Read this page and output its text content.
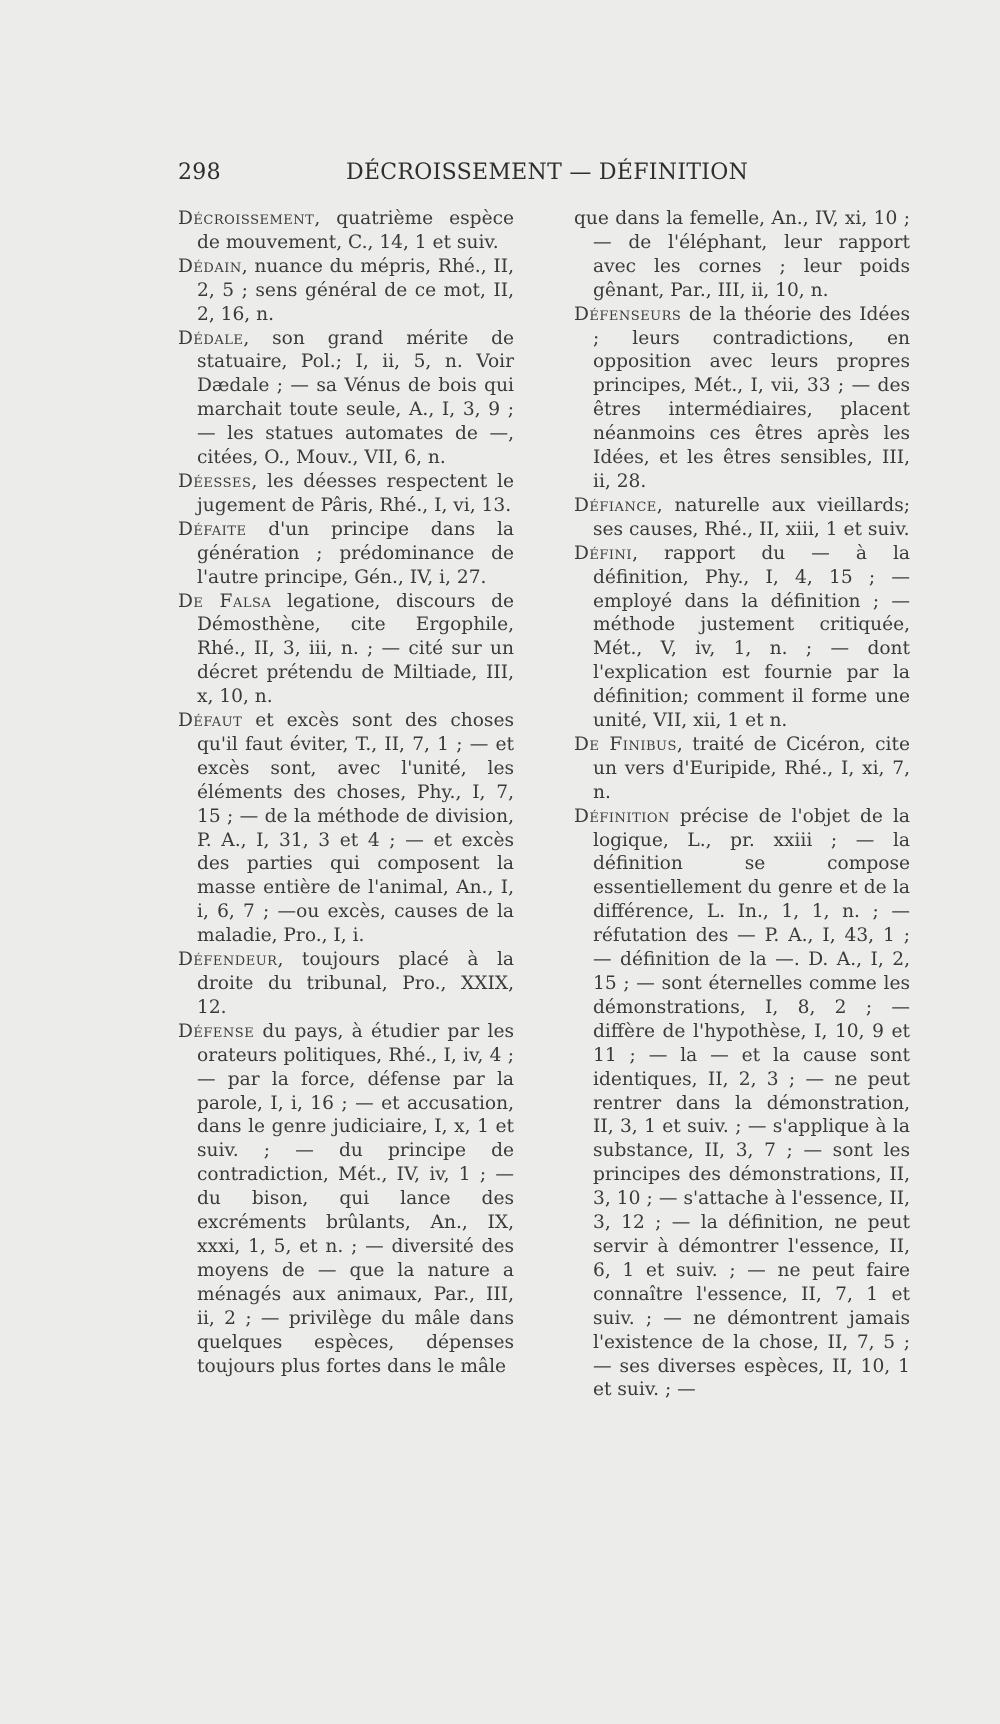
298	DÉCROISSEMENT — DÉFINITION

Décroissement, quatrième espèce de mouvement, C., 14, 1 et suiv.

Dédain, nuance du mépris, Rhé., II, 2, 5 ; sens général de ce mot, II, 2, 16, n.

Dédale, son grand mérite de statuaire, Pol.; I, ii, 5, n. Voir Dædale ; — sa Vénus de bois qui marchait toute seule, A., I, 3, 9 ; — les statues automates de —, citées, O., Mouv., VII, 6, n.

Déesses, les déesses respectent le jugement de Pâris, Rhé., I, vi, 13.

Défaite d'un principe dans la génération ; prédominance de l'autre principe, Gén., IV, i, 27.

De Falsa legatione, discours de Démosthène, cite Ergophile, Rhé., II, 3, iii, n. ; — cité sur un décret prétendu de Miltiade, III, x, 10, n.

Défaut et excès sont des choses qu'il faut éviter, T., II, 7, 1 ; — et excès sont, avec l'unité, les éléments des choses, Phy., I, 7, 15 ; — de la méthode de division, P. A., I, 31, 3 et 4 ; — et excès des parties qui composent la masse entière de l'animal, An., I, i, 6, 7 ; —ou excès, causes de la maladie, Pro., I, i.

Défendeur, toujours placé à la droite du tribunal, Pro., XXIX, 12.

Défense du pays, à étudier par les orateurs politiques, Rhé., I, iv, 4 ; — par la force, défense par la parole, I, i, 16 ; — et accusation, dans le genre judiciaire, I, x, 1 et suiv. ; — du principe de contradiction, Mét., IV, iv, 1 ; — du bison, qui lance des excréments brûlants, An., IX, xxxi, 1, 5, et n. ; — diversité des moyens de — que la nature a ménagés aux animaux, Par., III, ii, 2 ; — privilège du mâle dans quelques espèces, dépenses toujours plus fortes dans le mâle

que dans la femelle, An., IV, xi, 10 ; — de l'éléphant, leur rapport avec les cornes ; leur poids gênant, Par., III, ii, 10, n.

Défenseurs de la théorie des Idées ; leurs contradictions, en opposition avec leurs propres principes, Mét., I, vii, 33 ; — des êtres intermédiaires, placent néanmoins ces êtres après les Idées, et les êtres sensibles, III, ii, 28.

Défiance, naturelle aux vieillards; ses causes, Rhé., II, xiii, 1 et suiv.

Défini, rapport du — à la définition, Phy., I, 4, 15 ; — employé dans la définition ; — méthode justement critiquée, Mét., V, iv, 1, n. ; — dont l'explication est fournie par la définition; comment il forme une unité, VII, xii, 1 et n.

De Finibus, traité de Cicéron, cite un vers d'Euripide, Rhé., I, xi, 7, n.

Définition précise de l'objet de la logique, L., pr. xxiii ; — la définition se compose essentiellement du genre et de la différence, L. In., 1, 1, n. ; — réfutation des — P. A., I, 43, 1 ; — définition de la —. D. A., I, 2, 15 ; — sont éternelles comme les démonstrations, I, 8, 2 ; — diffère de l'hypothèse, I, 10, 9 et 11 ; — la — et la cause sont identiques, II, 2, 3 ; — ne peut rentrer dans la démonstration, II, 3, 1 et suiv. ; — s'applique à la substance, II, 3, 7 ; — sont les principes des démonstrations, II, 3, 10 ; — s'attache à l'essence, II, 3, 12 ; — la définition, ne peut servir à démontrer l'essence, II, 6, 1 et suiv. ; — ne peut faire connaître l'essence, II, 7, 1 et suiv. ; — ne démontrent jamais l'existence de la chose, II, 7, 5 ; — ses diverses espèces, II, 10, 1 et suiv. ; —
